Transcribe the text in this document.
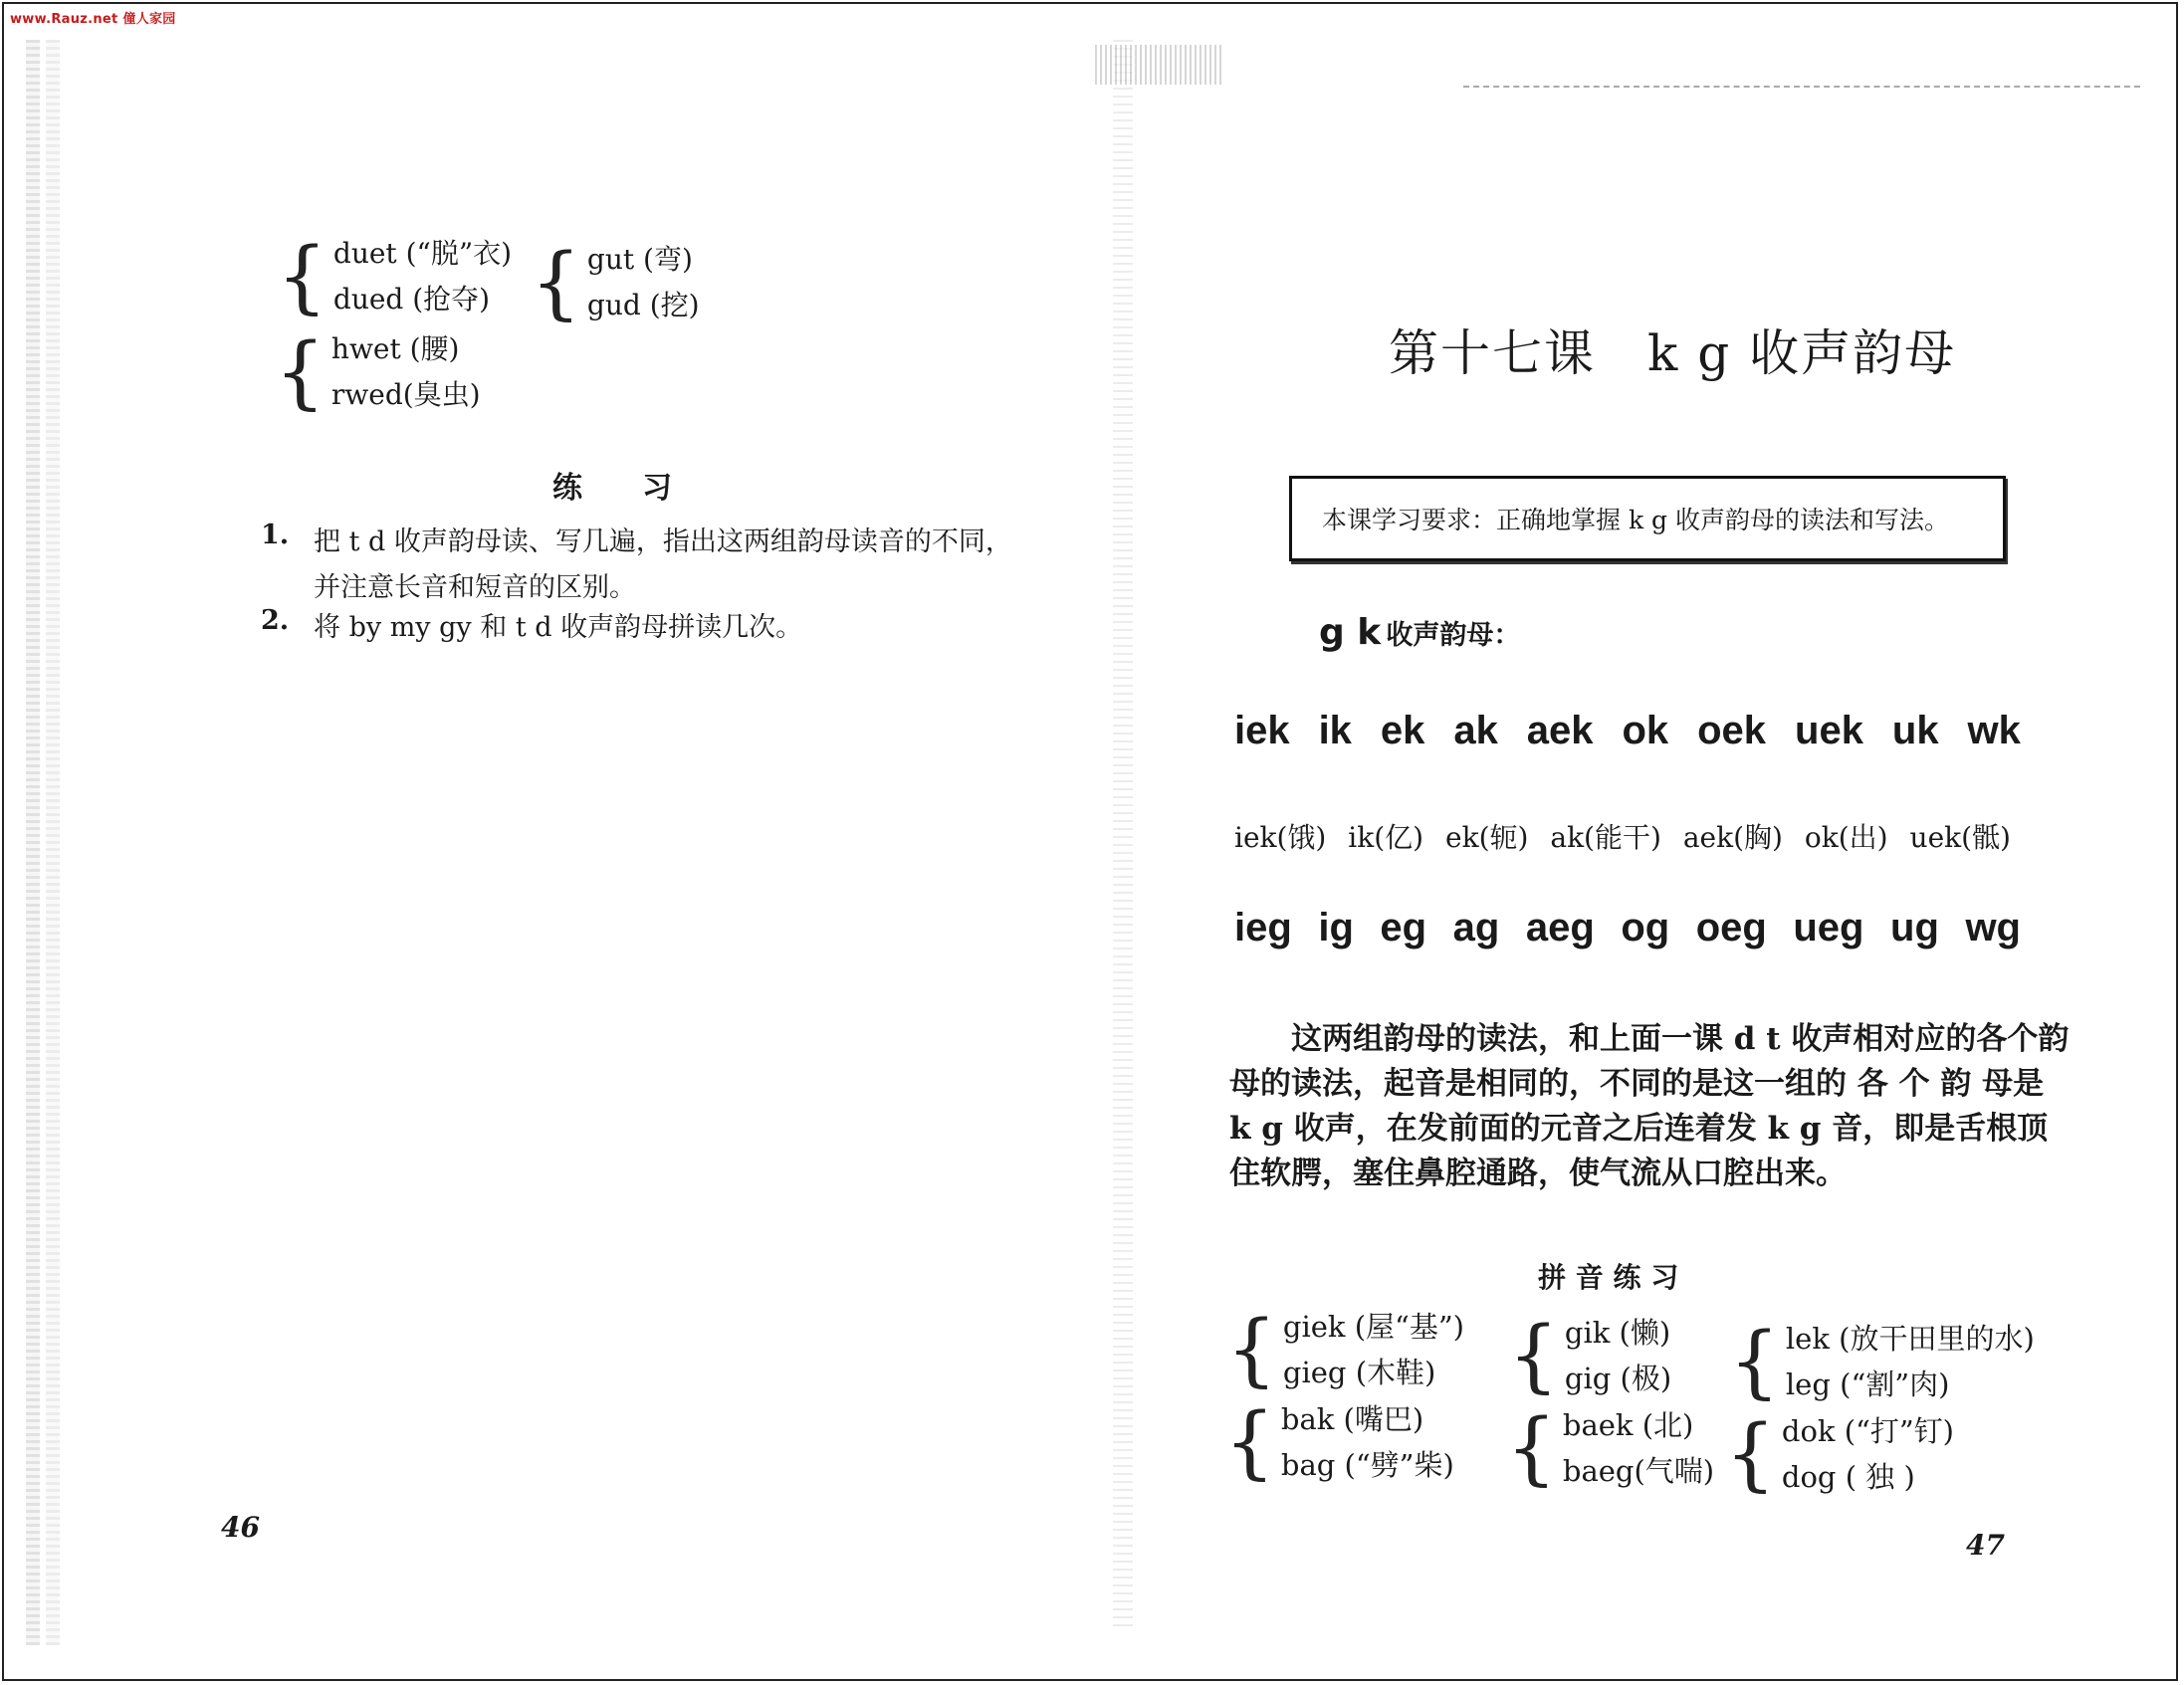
www.Rauz.net 僮人家园
{ duet (“脱”衣)
dued (抢夺) { gut (弯)
gud (挖)
{ hwet (腰)
rwed(臭虫)
练　　习
1. 把 t d 收声韵母读、写几遍，指出这两组韵母读音的不同，
并注意长音和短音的区别。
2. 将 by my gy 和 t d 收声韵母拼读几次。
46
第十七课　k g 收声韵母
本课学习要求：正确地掌握 k g 收声韵母的读法和写法。
g k 收声韵母：
iek ik ek ak aek ok oek uek uk wk
iek(饿) ik(亿) ek(轭) ak(能干) aek(胸) ok(出) uek(骶)
ieg ig eg ag aeg og oeg ueg ug wg

这两组韵母的读法，和上面一课 d t 收声相对应的各个韵

母的读法，起音是相同的，不同的是这一组的 各 个 韵 母是

k g 收声，在发前面的元音之后连着发 k g 音，即是舌根顶

住软腭，塞住鼻腔通路，使气流从口腔出来。

拼 音 练 习
{ giek (屋“基”)
gieg (木鞋) { gik (懒)
gig (极) { lek (放干田里的水)
leg (“割”肉)
{ bak (嘴巴)
bag (“劈”柴) { baek (北)
baeg(气喘) { dok (“打”钉)
dog ( 独 )
47
